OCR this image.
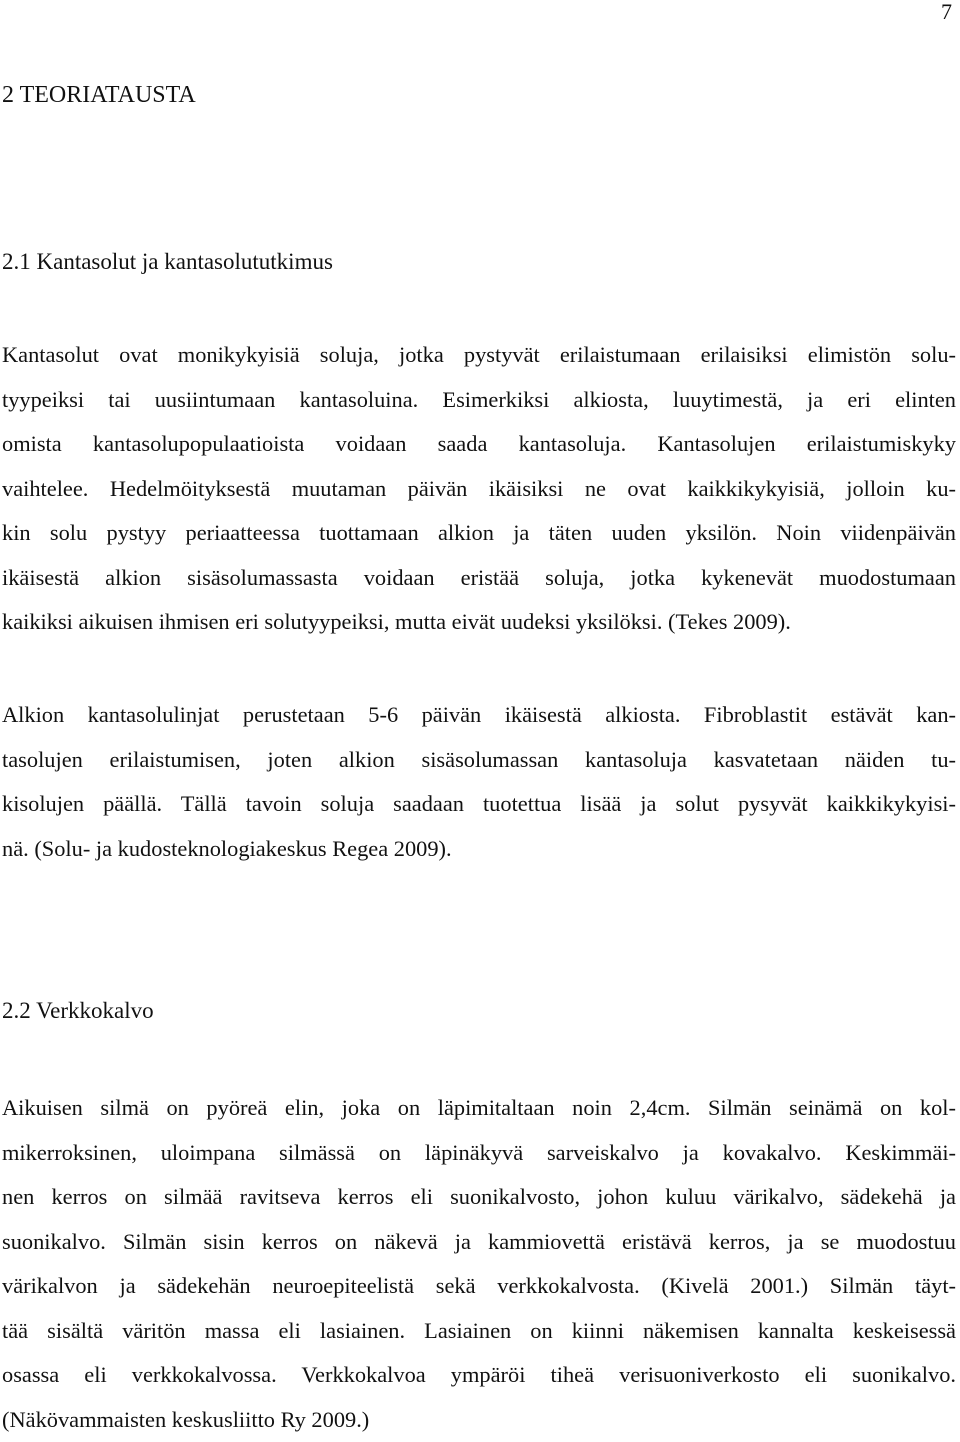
7
2 TEORIATAUSTA
2.1 Kantasolut ja kantasolututkimus

Kantasolut ovat monikykyisiä soluja, jotka pystyvät erilaistumaan erilaisiksi elimistön solu-
tyypeiksi tai uusiintumaan kantasoluina. Esimerkiksi alkiosta, luuytimestä, ja eri elinten
omista kantasolupopulaatioista voidaan saada kantasoluja. Kantasolujen erilaistumiskyky
vaihtelee. Hedelmöityksestä muutaman päivän ikäisiksi ne ovat kaikkikykyisiä, jolloin ku-
kin solu pystyy periaatteessa tuottamaan alkion ja täten uuden yksilön. Noin viidenpäivän
ikäisestä alkion sisäsolumassasta voidaan eristää soluja, jotka kykenevät muodostumaan
kaikiksi aikuisen ihmisen eri solutyypeiksi, mutta eivät uudeksi yksilöksi. (Tekes 2009).

Alkion kantasolulinjat perustetaan 5-6 päivän ikäisestä alkiosta. Fibroblastit estävät kan-
tasolujen erilaistumisen, joten alkion sisäsolumassan kantasoluja kasvatetaan näiden tu-
kisolujen päällä. Tällä tavoin soluja saadaan tuotettua lisää ja solut pysyvät kaikkikykyisi-
nä. (Solu- ja kudosteknologiakeskus Regea 2009).

2.2 Verkkokalvo

Aikuisen silmä on pyöreä elin, joka on läpimitaltaan noin 2,4cm. Silmän seinämä on kol-
mikerroksinen, uloimpana silmässä on läpinäkyvä sarveiskalvo ja kovakalvo. Keskimmäi-
nen kerros on silmää ravitseva kerros eli suonikalvosto, johon kuluu värikalvo, sädekehä ja
suonikalvo. Silmän sisin kerros on näkevä ja kammiovettä eristävä kerros, ja se muodostuu
värikalvon ja sädekehän neuroepiteelistä sekä verkkokalvosta. (Kivelä 2001.) Silmän täyt-
tää sisältä väritön massa eli lasiainen. Lasiainen on kiinni näkemisen kannalta keskeisessä
osassa eli verkkokalvossa. Verkkokalvoa ympäröi tiheä verisuoniverkosto eli suonikalvo.
(Näkövammaisten keskusliitto Ry 2009.)
